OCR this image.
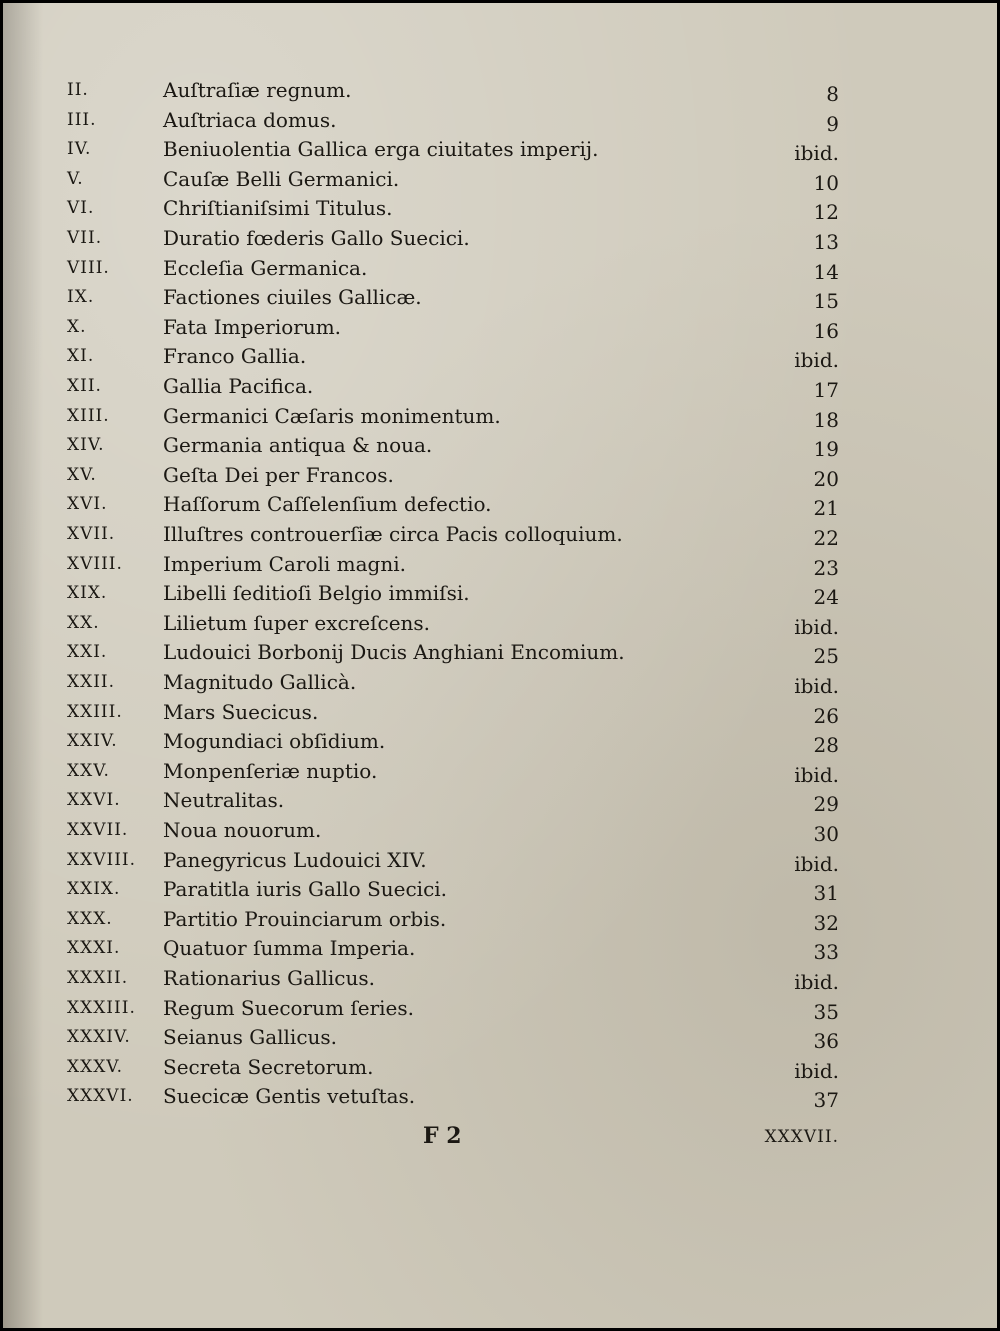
II.	Auſtraſiæ regnum.	8
III.	Auſtriaca domus.	9
IV.	Beniuolentia Gallica erga ciuitates imperij.	ibid.
V.	Cauſæ Belli Germanici.	10
VI.	Chriſtianiſsimi Titulus.	12
VII.	Duratio fœderis Gallo Suecici.	13
VIII.	Eccleſia Germanica.	14
IX.	Factiones ciuiles Gallicæ.	15
X.	Fata Imperiorum.	16
XI.	Franco Gallia.	ibid.
XII.	Gallia Pacifica.	17
XIII.	Germanici Cæſaris monimentum.	18
XIV.	Germania antiqua & noua.	19
XV.	Geſta Dei per Francos.	20
XVI.	Haſſorum Caſſelenſium defectio.	21
XVII. Illuſtres controuerſiæ circa Pacis colloquium.	22
XVIII. Imperium Caroli magni.	23
XIX.	Libelli ſeditioſi Belgio immiſsi.	24
XX.	Lilietum ſuper excreſcens.	ibid.
XXI.	Ludouici Borbonij Ducis Anghiani Encomium.	25
XXII. Magnitudo Gallicà.	ibid.
XXIII. Mars Suecicus.	26
XXIV. Mogundiaci obſidium.	28
XXV.	Monpenſeriæ nuptio.	ibid.
XXVI. Neutralitas.	29
XXVII. Noua nouorum.	30
XXVIII. Panegyricus Ludouici XIV.	ibid.
XXIX. Paratitla iuris Gallo Suecici.	31
XXX.	Partitio Prouinciarum orbis.	32
XXXI. Quatuor ſumma Imperia.	33
XXXII. Rationarius Gallicus.	ibid.
XXXIII. Regum Suecorum ſeries.	35
XXXIV. Seianus Gallicus.	36
XXXV. Secreta Secretorum.	ibid.
XXXVI. Suecicæ Gentis vetuſtas.	37
F 2	XXXVII.
